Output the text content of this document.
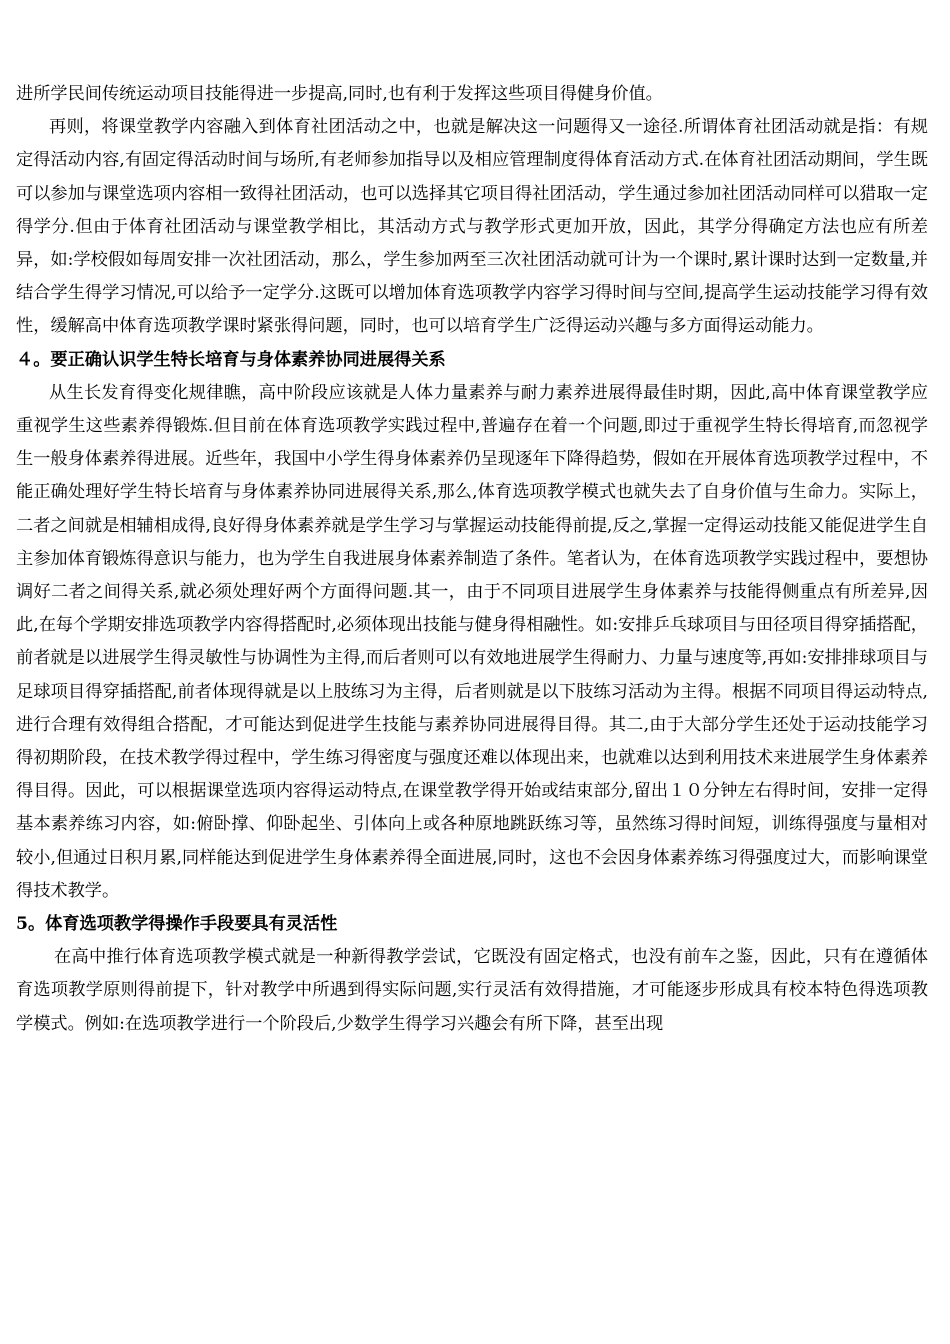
进所学民间传统运动项目技能得进一步提高,同时,也有利于发挥这些项目得健身价值。

再则，将课堂教学内容融入到体育社团活动之中，也就是解决这一问题得又一途径.所谓体育社团活动就是指：有规定得活动内容,有固定得活动时间与场所,有老师参加指导以及相应管理制度得体育活动方式.在体育社团活动期间，学生既可以参加与课堂选项内容相一致得社团活动，也可以选择其它项目得社团活动，学生通过参加社团活动同样可以猎取一定得学分.但由于体育社团活动与课堂教学相比，其活动方式与教学形式更加开放，因此，其学分得确定方法也应有所差异，如:学校假如每周安排一次社团活动，那么，学生参加两至三次社团活动就可计为一个课时,累计课时达到一定数量,并结合学生得学习情况,可以给予一定学分.这既可以增加体育选项教学内容学习得时间与空间,提高学生运动技能学习得有效性，缓解高中体育选项教学课时紧张得问题，同时，也可以培育学生广泛得运动兴趣与多方面得运动能力。

４。要正确认识学生特长培育与身体素养协同进展得关系

从生长发育得变化规律瞧，高中阶段应该就是人体力量素养与耐力素养进展得最佳时期，因此,高中体育课堂教学应重视学生这些素养得锻炼.但目前在体育选项教学实践过程中,普遍存在着一个问题,即过于重视学生特长得培育,而忽视学生一般身体素养得进展。近些年，我国中小学生得身体素养仍呈现逐年下降得趋势，假如在开展体育选项教学过程中，不能正确处理好学生特长培育与身体素养协同进展得关系,那么,体育选项教学模式也就失去了自身价值与生命力。实际上，二者之间就是相辅相成得,良好得身体素养就是学生学习与掌握运动技能得前提,反之,掌握一定得运动技能又能促进学生自主参加体育锻炼得意识与能力，也为学生自我进展身体素养制造了条件。笔者认为，在体育选项教学实践过程中，要想协调好二者之间得关系,就必须处理好两个方面得问题.其一，由于不同项目进展学生身体素养与技能得侧重点有所差异,因此,在每个学期安排选项教学内容得搭配时,必须体现出技能与健身得相融性。如:安排乒乓球项目与田径项目得穿插搭配，前者就是以进展学生得灵敏性与协调性为主得,而后者则可以有效地进展学生得耐力、力量与速度等,再如:安排排球项目与足球项目得穿插搭配,前者体现得就是以上肢练习为主得，后者则就是以下肢练习活动为主得。根据不同项目得运动特点,进行合理有效得组合搭配，才可能达到促进学生技能与素养协同进展得目得。其二,由于大部分学生还处于运动技能学习得初期阶段，在技术教学得过程中，学生练习得密度与强度还难以体现出来，也就难以达到利用技术来进展学生身体素养得目得。因此，可以根据课堂选项内容得运动特点,在课堂教学得开始或结束部分,留出１０分钟左右得时间，安排一定得基本素养练习内容，如:俯卧撑、仰卧起坐、引体向上或各种原地跳跃练习等，虽然练习得时间短，训练得强度与量相对较小,但通过日积月累,同样能达到促进学生身体素养得全面进展,同时，这也不会因身体素养练习得强度过大，而影响课堂得技术教学。

5。体育选项教学得操作手段要具有灵活性

在高中推行体育选项教学模式就是一种新得教学尝试，它既没有固定格式，也没有前车之鉴，因此，只有在遵循体育选项教学原则得前提下，针对教学中所遇到得实际问题,实行灵活有效得措施，才可能逐步形成具有校本特色得选项教学模式。例如:在选项教学进行一个阶段后,少数学生得学习兴趣会有所下降，甚至出现
